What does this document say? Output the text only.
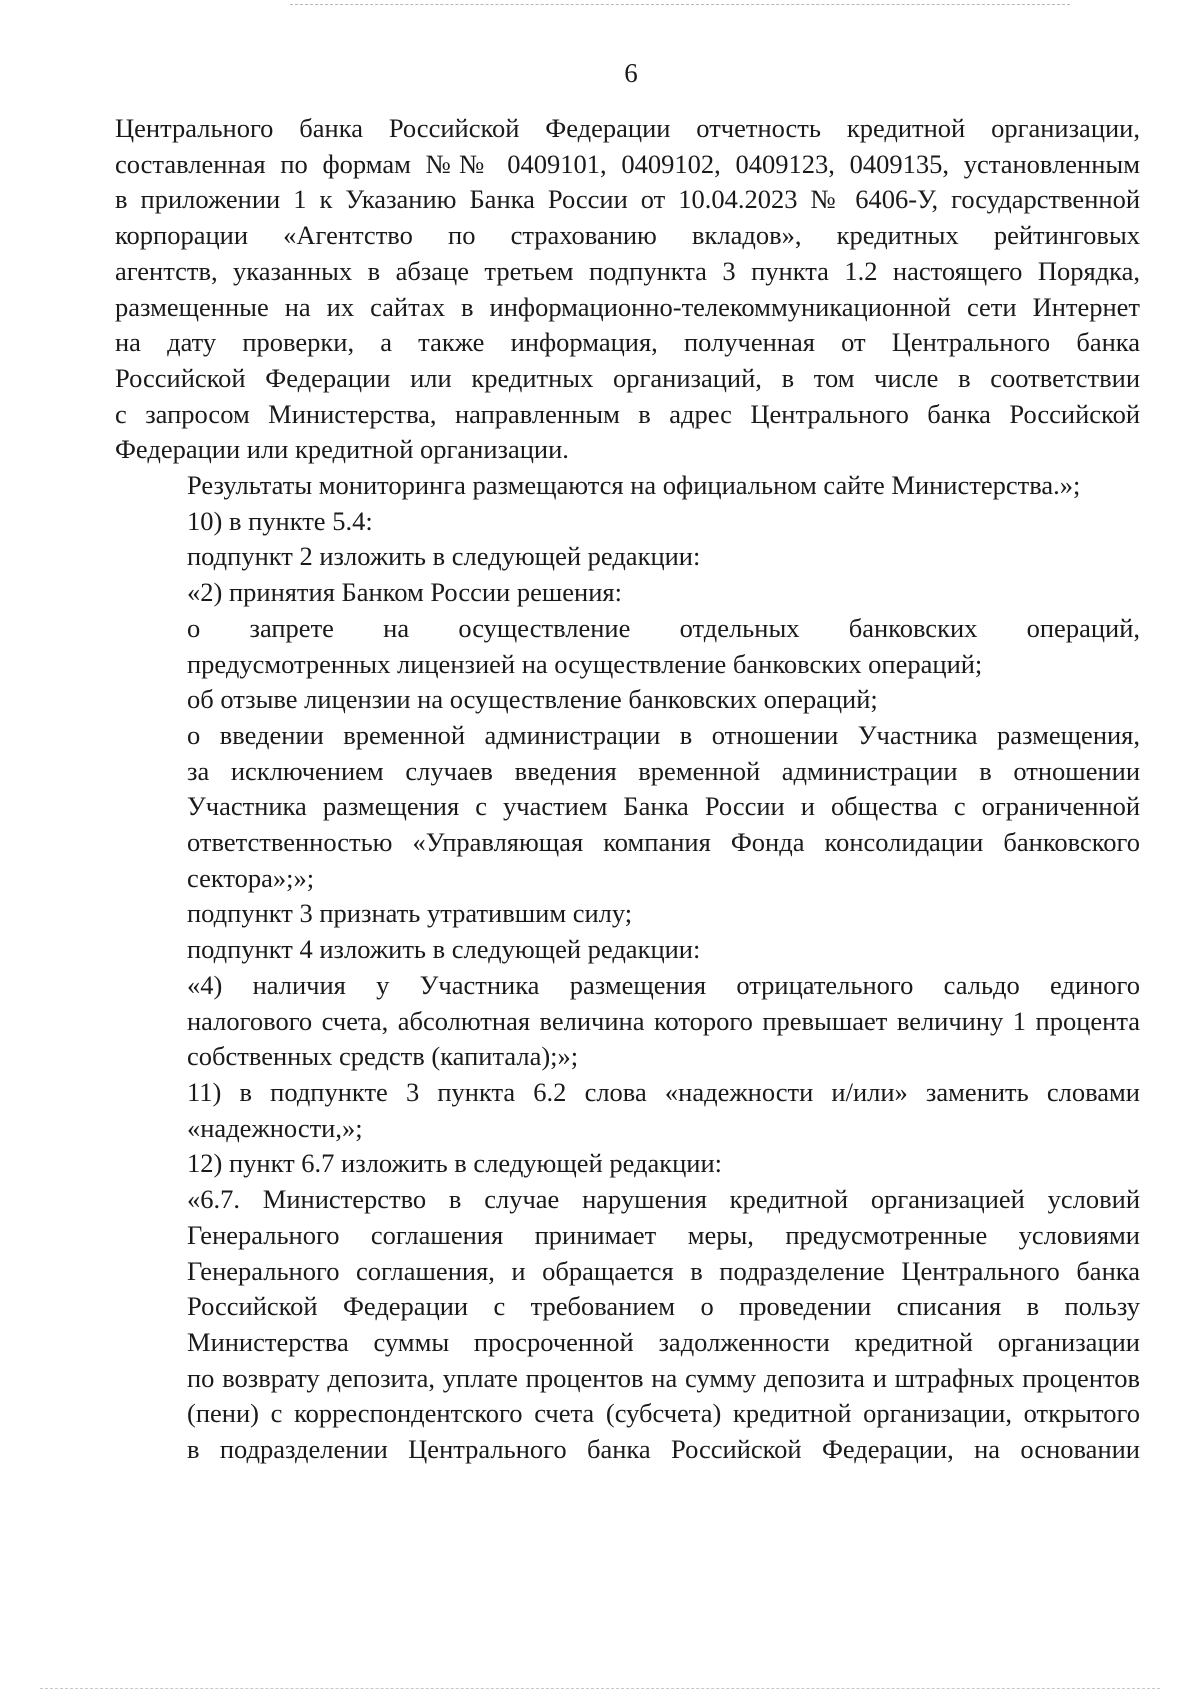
6
Центрального банка Российской Федерации отчетность кредитной организации,
составленная по формам №№ 0409101, 0409102, 0409123, 0409135, установленным
в приложении 1 к Указанию Банка России от 10.04.2023 № 6406-У, государственной
корпорации «Агентство по страхованию вкладов», кредитных рейтинговых
агентств, указанных в абзаце третьем подпункта 3 пункта 1.2 настоящего Порядка,
размещенные на их сайтах в информационно-телекоммуникационной сети Интернет
на дату проверки, а также информация, полученная от Центрального банка
Российской Федерации или кредитных организаций, в том числе в соответствии
с запросом Министерства, направленным в адрес Центрального банка Российской
Федерации или кредитной организации.
Результаты мониторинга размещаются на официальном сайте Министерства.»;
10) в пункте 5.4:
подпункт 2 изложить в следующей редакции:
«2) принятия Банком России решения:
о запрете на осуществление отдельных банковских операций,
предусмотренных лицензией на осуществление банковских операций;
об отзыве лицензии на осуществление банковских операций;
о введении временной администрации в отношении Участника размещения,
за исключением случаев введения временной администрации в отношении
Участника размещения с участием Банка России и общества с ограниченной
ответственностью «Управляющая компания Фонда консолидации банковского
сектора»;»;
подпункт 3 признать утратившим силу;
подпункт 4 изложить в следующей редакции:
«4) наличия у Участника размещения отрицательного сальдо единого
налогового счета, абсолютная величина которого превышает величину 1 процента
собственных средств (капитала);»;
11) в подпункте 3 пункта 6.2 слова «надежности и/или» заменить словами
«надежности,»;
12) пункт 6.7 изложить в следующей редакции:
«6.7. Министерство в случае нарушения кредитной организацией условий
Генерального соглашения принимает меры, предусмотренные условиями
Генерального соглашения, и обращается в подразделение Центрального банка
Российской Федерации с требованием о проведении списания в пользу
Министерства суммы просроченной задолженности кредитной организации
по возврату депозита, уплате процентов на сумму депозита и штрафных процентов
(пени) с корреспондентского счета (субсчета) кредитной организации, открытого
в подразделении Центрального банка Российской Федерации, на основании
